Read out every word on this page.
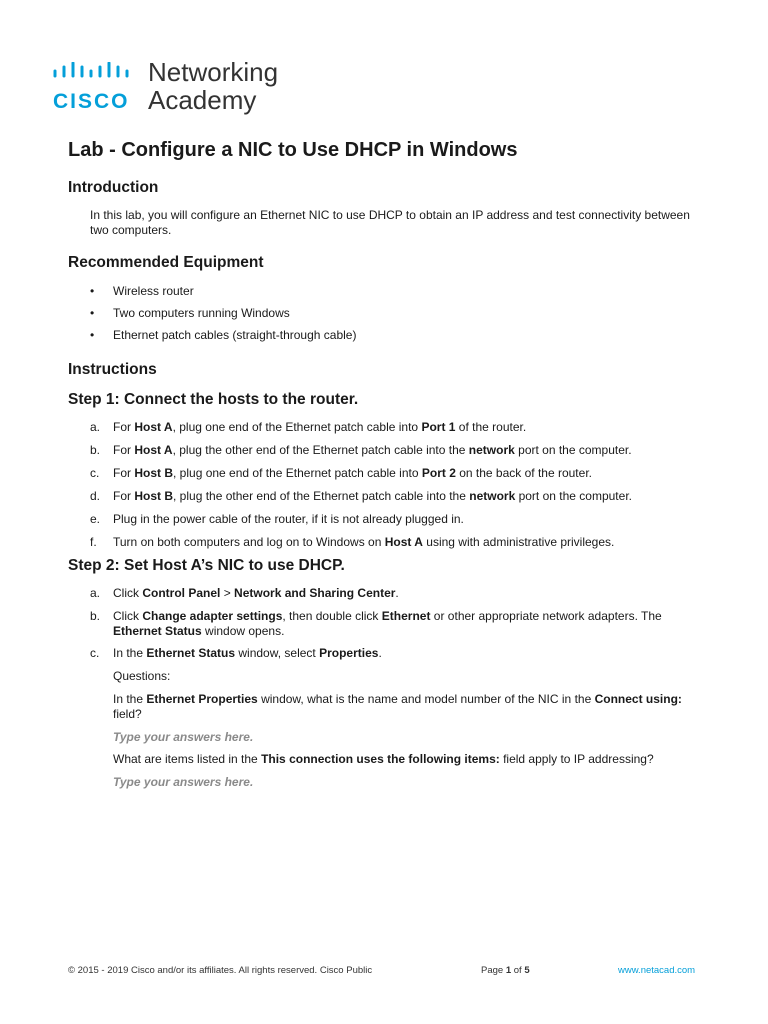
CISCO
Networking
Academy
Lab - Configure a NIC to Use DHCP in Windows
Introduction
In this lab, you will configure an Ethernet NIC to use DHCP to obtain an IP address and test connectivity between two computers.
Recommended Equipment
• Wireless router
• Two computers running Windows
• Ethernet patch cables (straight-through cable)
Instructions
Step 1: Connect the hosts to the router.
a. For Host A, plug one end of the Ethernet patch cable into Port 1 of the router.
b. For Host A, plug the other end of the Ethernet patch cable into the network port on the computer.
c. For Host B, plug one end of the Ethernet patch cable into Port 2 on the back of the router.
d. For Host B, plug the other end of the Ethernet patch cable into the network port on the computer.
e. Plug in the power cable of the router, if it is not already plugged in.
f.	Turn on both computers and log on to Windows on Host A using with administrative privileges.
Step 2: Set Host A’s NIC to use DHCP.
a. Click Control Panel > Network and Sharing Center.
b. Click Change adapter settings, then double click Ethernet or other appropriate network adapters. The Ethernet Status window opens.
c. In the Ethernet Status window, select Properties.
Questions:
In the Ethernet Properties window, what is the name and model number of the NIC in the Connect using: field?
Type your answers here.
What are items listed in the This connection uses the following items: field apply to IP addressing?
Type your answers here.
© 2015 - 2019 Cisco and/or its affiliates. All rights reserved. Cisco Public	Page 1 of 5	www.netacad.com
